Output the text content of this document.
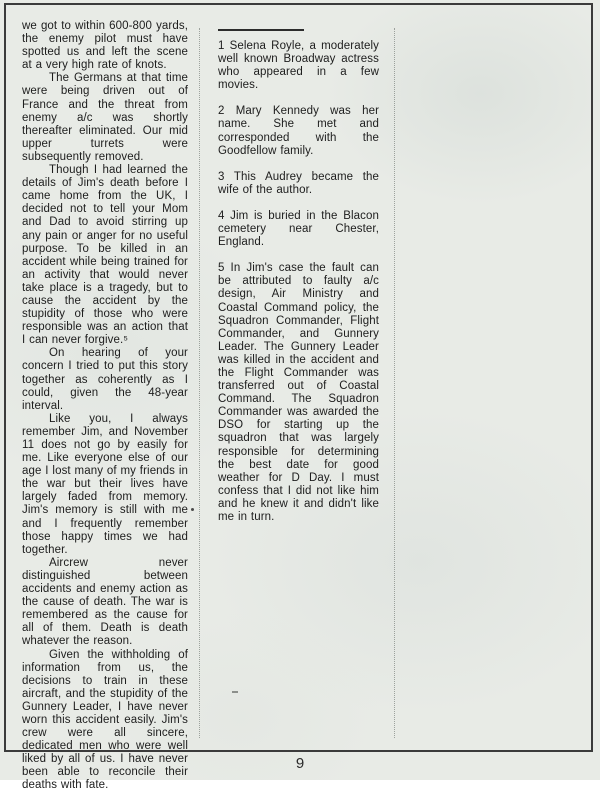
we got to within 600-800 yards, the enemy pilot must have spotted us and left the scene at a very high rate of knots.

The Germans at that time were being driven out of France and the threat from enemy a/c was shortly thereafter eliminated. Our mid upper turrets were subsequently removed.

Though I had learned the details of Jim's death before I came home from the UK, I decided not to tell your Mom and Dad to avoid stirring up any pain or anger for no useful purpose. To be killed in an accident while being trained for an activity that would never take place is a tragedy, but to cause the accident by the stupidity of those who were responsible was an action that I can never forgive.⁵

On hearing of your concern I tried to put this story together as coherently as I could, given the 48-year interval.

Like you, I always remember Jim, and November 11 does not go by easily for me. Like everyone else of our age I lost many of my friends in the war but their lives have largely faded from memory. Jim's memory is still with me and I frequently remember those happy times we had together.

Aircrew never distinguished between accidents and enemy action as the cause of death. The war is remembered as the cause for all of them. Death is death whatever the reason.

Given the withholding of information from us, the decisions to train in these aircraft, and the stupidity of the Gunnery Leader, I have never worn this accident easily. Jim's crew were all sincere, dedicated men who were well liked by all of us. I have never been able to reconcile their deaths with fate.

1 Selena Royle, a moderately well known Broadway actress who appeared in a few movies.

2 Mary Kennedy was her name. She met and corresponded with the Goodfellow family.

3 This Audrey became the wife of the author.

4 Jim is buried in the Blacon cemetery near Chester, England.

5 In Jim's case the fault can be attributed to faulty a/c design, Air Ministry and Coastal Command policy, the Squadron Commander, Flight Commander, and Gunnery Leader. The Gunnery Leader was killed in the accident and the Flight Commander was transferred out of Coastal Command. The Squadron Commander was awarded the DSO for starting up the squadron that was largely responsible for determining the best date for good weather for D Day. I must confess that I did not like him and he knew it and didn't like me in turn.

9
